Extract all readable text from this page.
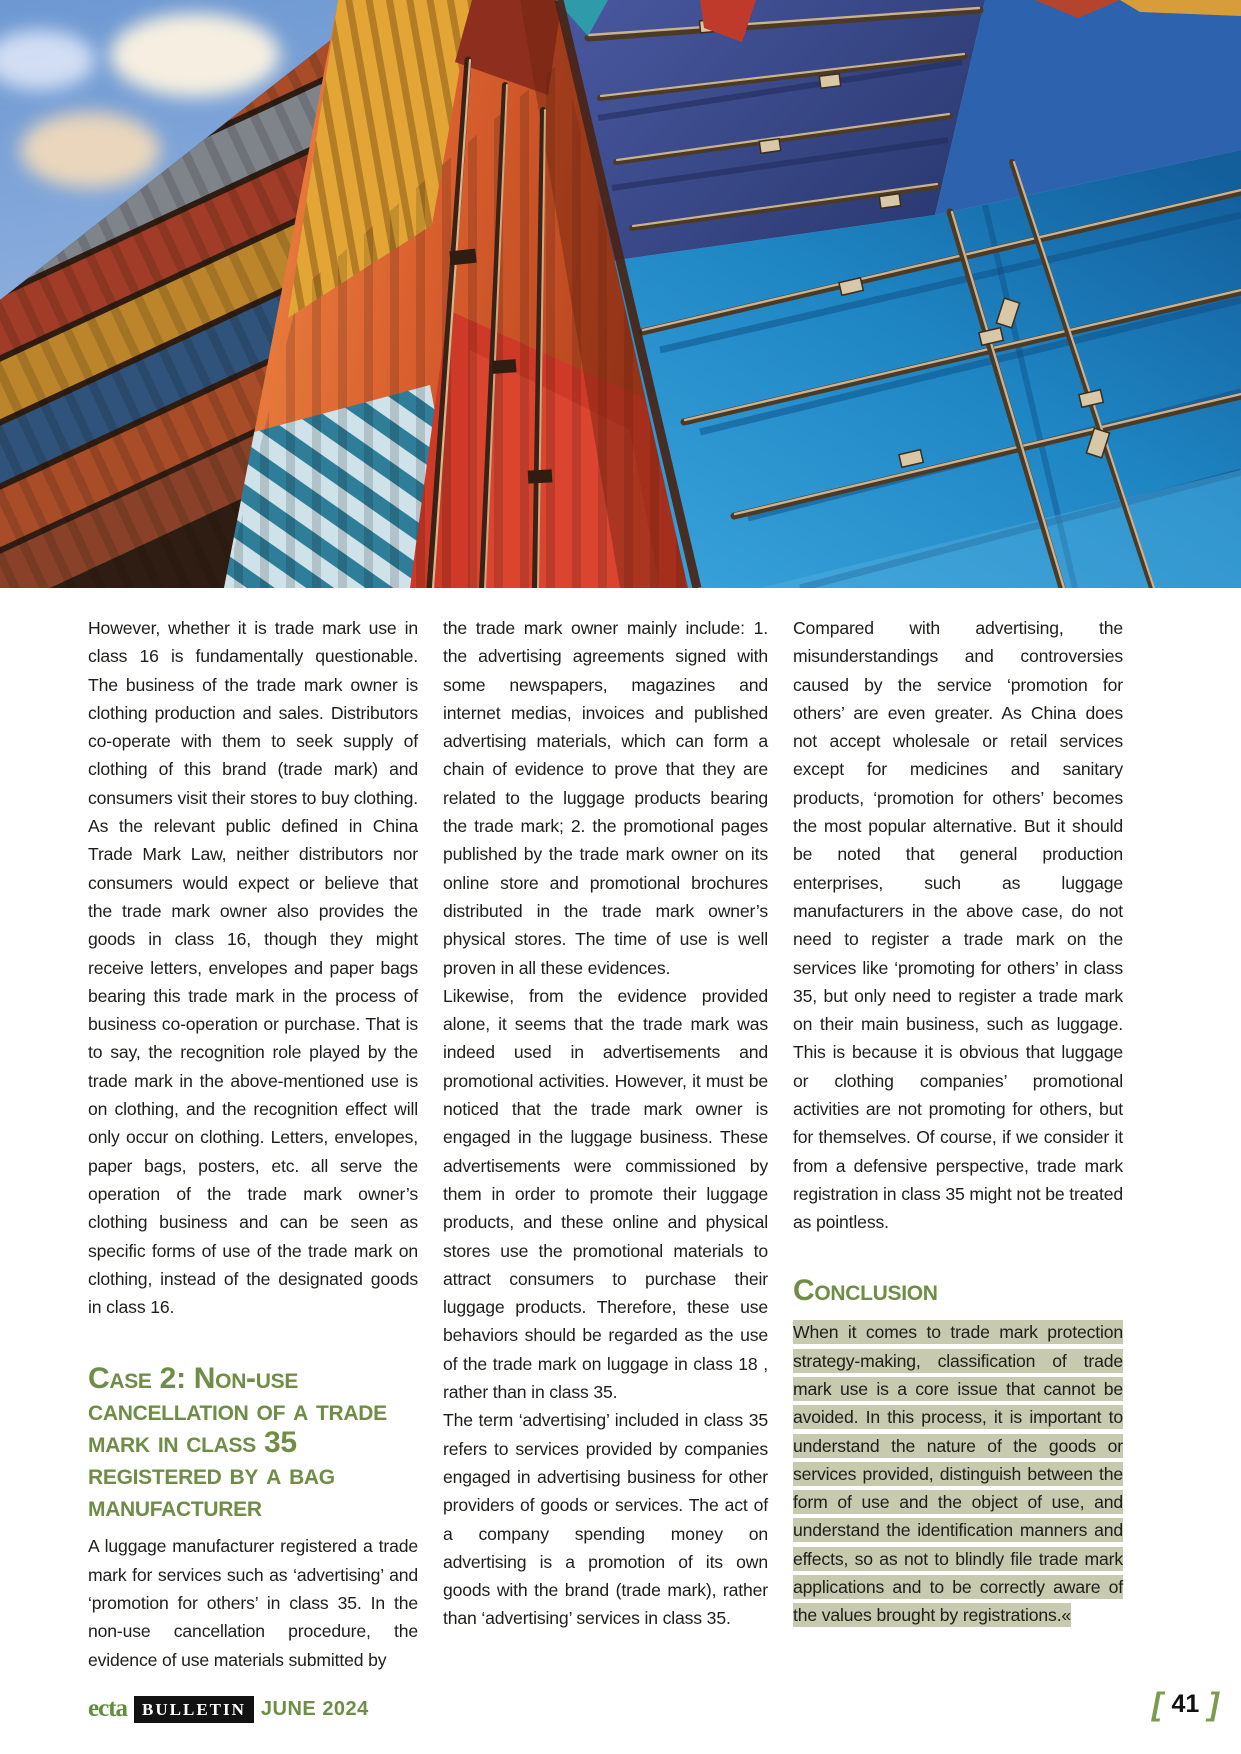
However, whether it is trade mark use in class 16 is fundamentally questionable. The business of the trade mark owner is clothing production and sales. Distributors co-operate with them to seek supply of clothing of this brand (trade mark) and consumers visit their stores to buy clothing. As the relevant public defined in China Trade Mark Law, neither distributors nor consumers would expect or believe that the trade mark owner also provides the goods in class 16, though they might receive letters, envelopes and paper bags bearing this trade mark in the process of business co-operation or purchase. That is to say, the recognition role played by the trade mark in the above-mentioned use is on clothing, and the recognition effect will only occur on clothing. Letters, envelopes, paper bags, posters, etc. all serve the operation of the trade mark owner’s clothing business and can be seen as specific forms of use of the trade mark on clothing, instead of the designated goods in class 16.

Case 2: Non-use cancellation of a trade mark in class 35 registered by a bag manufacturer

A luggage manufacturer registered a trade mark for services such as ‘advertising’ and ‘promotion for others’ in class 35. In the non-use cancellation procedure, the evidence of use materials submitted by

the trade mark owner mainly include: 1. the advertising agreements signed with some newspapers, magazines and internet medias, invoices and published advertising materials, which can form a chain of evidence to prove that they are related to the luggage products bearing the trade mark; 2. the promotional pages published by the trade mark owner on its online store and promotional brochures distributed in the trade mark owner’s physical stores. The time of use is well proven in all these evidences.

Likewise, from the evidence provided alone, it seems that the trade mark was indeed used in advertisements and promotional activities. However, it must be noticed that the trade mark owner is engaged in the luggage business. These advertisements were commissioned by them in order to promote their luggage products, and these online and physical stores use the promotional materials to attract consumers to purchase their luggage products. Therefore, these use behaviors should be regarded as the use of the trade mark on luggage in class 18 , rather than in class 35.

The term ‘advertising’ included in class 35 refers to services provided by companies engaged in advertising business for other providers of goods or services. The act of a company spending money on advertising is a promotion of its own goods with the brand (trade mark), rather than ‘advertising’ services in class 35.

Compared with advertising, the misunderstandings and controversies caused by the service ‘promotion for others’ are even greater. As China does not accept wholesale or retail services except for medicines and sanitary products, ‘promotion for others’ becomes the most popular alternative. But it should be noted that general production enterprises, such as luggage manufacturers in the above case, do not need to register a trade mark on the services like ‘promoting for others’ in class 35, but only need to register a trade mark on their main business, such as luggage. This is because it is obvious that luggage or clothing companies’ promotional activities are not promoting for others, but for themselves. Of course, if we consider it from a defensive perspective, trade mark registration in class 35 might not be treated as pointless.

Conclusion

When it comes to trade mark protection strategy-making, classification of trade mark use is a core issue that cannot be avoided. In this process, it is important to understand the nature of the goods or services provided, distinguish between the form of use and the object of use, and understand the identification manners and effects, so as not to blindly file trade mark applications and to be correctly aware of the values brought by registrations.«

ecta BULLETIN JUNE 2024	[ 41 ]
